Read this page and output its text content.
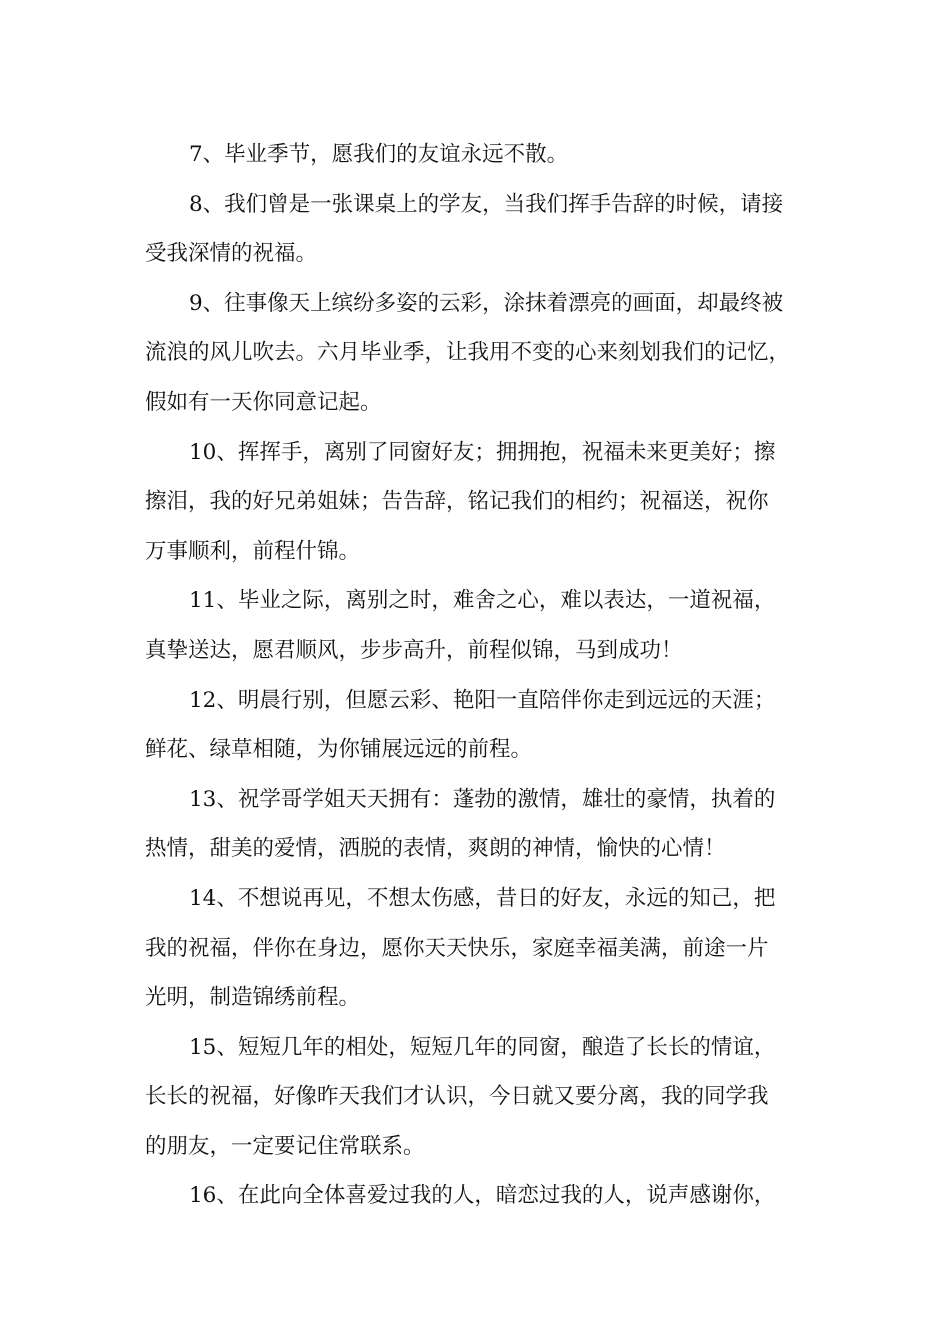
7、毕业季节，愿我们的友谊永远不散。

8、我们曾是一张课桌上的学友，当我们挥手告辞的时候，请接
受我深情的祝福。

9、往事像天上缤纷多姿的云彩，涂抹着漂亮的画面，却最终被
流浪的风儿吹去。六月毕业季，让我用不变的心来刻划我们的记忆，
假如有一天你同意记起。

10、挥挥手，离别了同窗好友；拥拥抱，祝福未来更美好；擦
擦泪，我的好兄弟姐妹；告告辞，铭记我们的相约；祝福送，祝你
万事顺利，前程什锦。

11、毕业之际，离别之时，难舍之心，难以表达，一道祝福，
真挚送达，愿君顺风，步步高升，前程似锦，马到成功！

12、明晨行别，但愿云彩、艳阳一直陪伴你走到远远的天涯；
鲜花、绿草相随，为你铺展远远的前程。

13、祝学哥学姐天天拥有：蓬勃的激情，雄壮的豪情，执着的
热情，甜美的爱情，洒脱的表情，爽朗的神情，愉快的心情！

14、不想说再见，不想太伤感，昔日的好友，永远的知己，把
我的祝福，伴你在身边，愿你天天快乐，家庭幸福美满，前途一片
光明，制造锦绣前程。

15、短短几年的相处，短短几年的同窗，酿造了长长的情谊，
长长的祝福，好像昨天我们才认识，今日就又要分离，我的同学我
的朋友，一定要记住常联系。

16、在此向全体喜爱过我的人，暗恋过我的人，说声感谢你，
